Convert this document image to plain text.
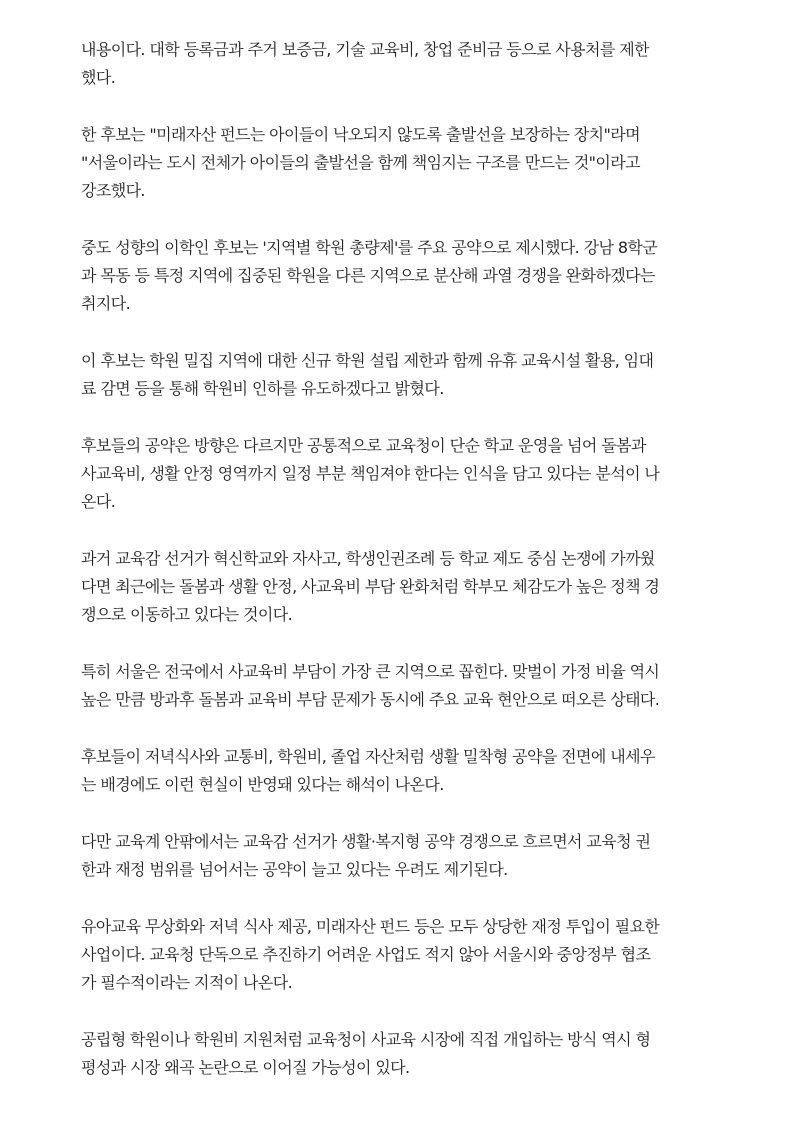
내용이다. 대학 등록금과 주거 보증금, 기술 교육비, 창업 준비금 등으로 사용처를 제한
했다.

한 후보는 "미래자산 펀드는 아이들이 낙오되지 않도록 출발선을 보장하는 장치"라며
"서울이라는 도시 전체가 아이들의 출발선을 함께 책임지는 구조를 만드는 것"이라고
강조했다.

중도 성향의 이학인 후보는 '지역별 학원 총량제'를 주요 공약으로 제시했다. 강남 8학군
과 목동 등 특정 지역에 집중된 학원을 다른 지역으로 분산해 과열 경쟁을 완화하겠다는
취지다.

이 후보는 학원 밀집 지역에 대한 신규 학원 설립 제한과 함께 유휴 교육시설 활용, 임대
료 감면 등을 통해 학원비 인하를 유도하겠다고 밝혔다.

후보들의 공약은 방향은 다르지만 공통적으로 교육청이 단순 학교 운영을 넘어 돌봄과
사교육비, 생활 안정 영역까지 일정 부분 책임져야 한다는 인식을 담고 있다는 분석이 나
온다.

과거 교육감 선거가 혁신학교와 자사고, 학생인권조례 등 학교 제도 중심 논쟁에 가까웠
다면 최근에는 돌봄과 생활 안정, 사교육비 부담 완화처럼 학부모 체감도가 높은 정책 경
쟁으로 이동하고 있다는 것이다.

특히 서울은 전국에서 사교육비 부담이 가장 큰 지역으로 꼽힌다. 맞벌이 가정 비율 역시
높은 만큼 방과후 돌봄과 교육비 부담 문제가 동시에 주요 교육 현안으로 떠오른 상태다.

후보들이 저녁식사와 교통비, 학원비, 졸업 자산처럼 생활 밀착형 공약을 전면에 내세우
는 배경에도 이런 현실이 반영돼 있다는 해석이 나온다.

다만 교육계 안팎에서는 교육감 선거가 생활·복지형 공약 경쟁으로 흐르면서 교육청 권
한과 재정 범위를 넘어서는 공약이 늘고 있다는 우려도 제기된다.

유아교육 무상화와 저녁 식사 제공, 미래자산 펀드 등은 모두 상당한 재정 투입이 필요한
사업이다. 교육청 단독으로 추진하기 어려운 사업도 적지 않아 서울시와 중앙정부 협조
가 필수적이라는 지적이 나온다.

공립형 학원이나 학원비 지원처럼 교육청이 사교육 시장에 직접 개입하는 방식 역시 형
평성과 시장 왜곡 논란으로 이어질 가능성이 있다.
